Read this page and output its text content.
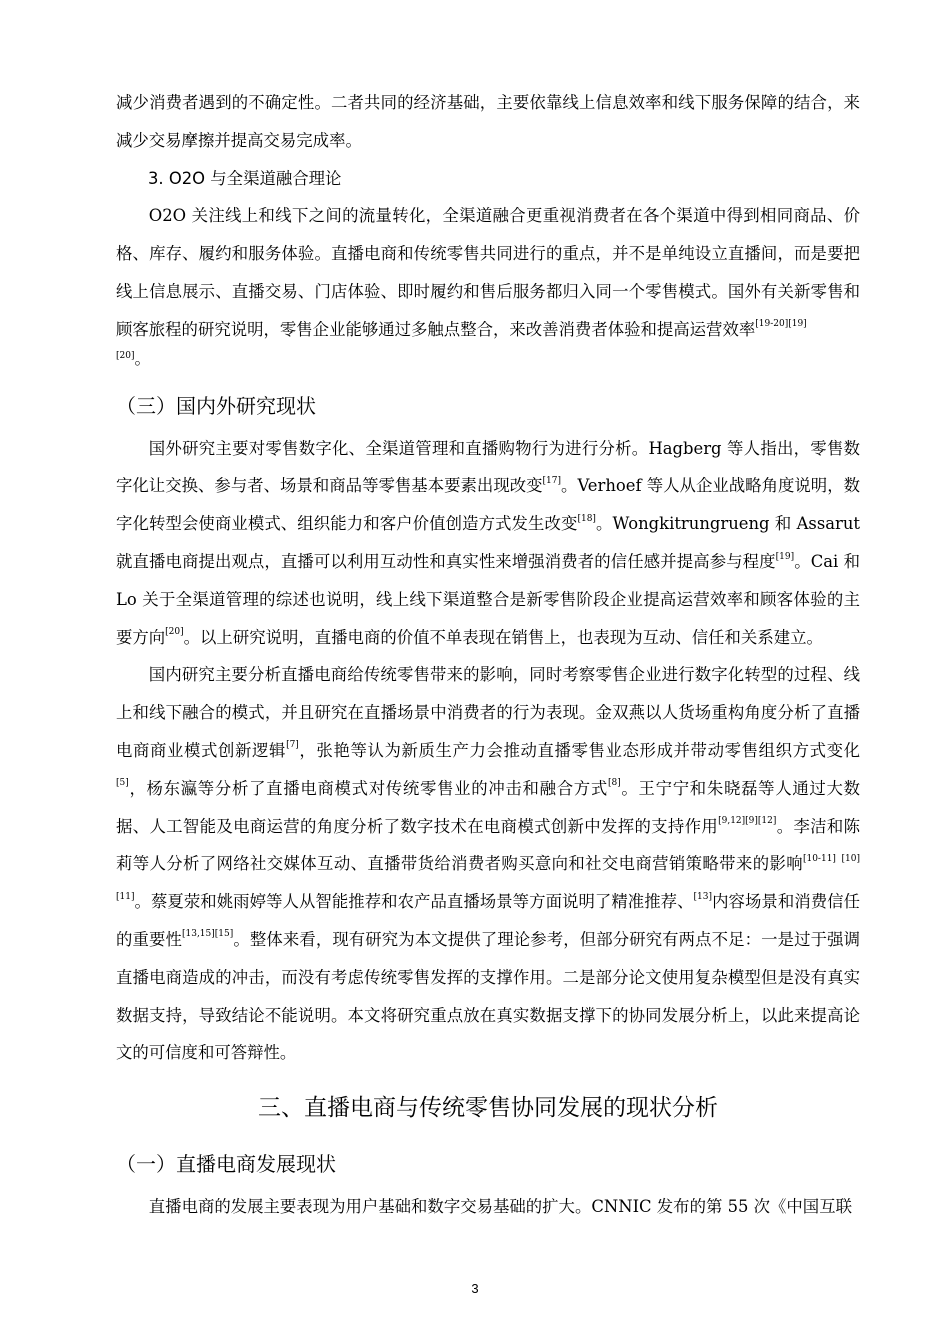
减少消费者遇到的不确定性。二者共同的经济基础，主要依靠线上信息效率和线下服务保障的结合，来减少交易摩擦并提高交易完成率。

3. O2O 与全渠道融合理论

O2O 关注线上和线下之间的流量转化，全渠道融合更重视消费者在各个渠道中得到相同商品、价格、库存、履约和服务体验。直播电商和传统零售共同进行的重点，并不是单纯设立直播间，而是要把线上信息展示、直播交易、门店体验、即时履约和售后服务都归入同一个零售模式。国外有关新零售和顾客旅程的研究说明，零售企业能够通过多触点整合，来改善消费者体验和提高运营效率[19-20][19]

[20]。

（三）国内外研究现状

国外研究主要对零售数字化、全渠道管理和直播购物行为进行分析。Hagberg 等人指出，零售数字化让交换、参与者、场景和商品等零售基本要素出现改变[17]。Verhoef 等人从企业战略角度说明，数字化转型会使商业模式、组织能力和客户价值创造方式发生改变[18]。Wongkitrungrueng 和 Assarut 就直播电商提出观点，直播可以利用互动性和真实性来增强消费者的信任感并提高参与程度[19]。Cai 和 Lo 关于全渠道管理的综述也说明，线上线下渠道整合是新零售阶段企业提高运营效率和顾客体验的主要方向[20]。以上研究说明，直播电商的价值不单表现在销售上，也表现为互动、信任和关系建立。

国内研究主要分析直播电商给传统零售带来的影响，同时考察零售企业进行数字化转型的过程、线上和线下融合的模式，并且研究在直播场景中消费者的行为表现。金双燕以人货场重构角度分析了直播电商商业模式创新逻辑[7]，张艳等认为新质生产力会推动直播零售业态形成并带动零售组织方式变化[5]，杨东瀛等分析了直播电商模式对传统零售业的冲击和融合方式[8]。王宁宁和朱晓磊等人通过大数据、人工智能及电商运营的角度分析了数字技术在电商模式创新中发挥的支持作用[9,12][9][12]。李洁和陈莉等人分析了网络社交媒体互动、直播带货给消费者购买意向和社交电商营销策略带来的影响[10-11] [10][11]。蔡夏荥和姚雨婷等人从智能推荐和农产品直播场景等方面说明了精准推荐、[13]内容场景和消费信任的重要性[13,15][15]。整体来看，现有研究为本文提供了理论参考，但部分研究有两点不足：一是过于强调直播电商造成的冲击，而没有考虑传统零售发挥的支撑作用。二是部分论文使用复杂模型但是没有真实数据支持，导致结论不能说明。本文将研究重点放在真实数据支撑下的协同发展分析上，以此来提高论文的可信度和可答辩性。

三、直播电商与传统零售协同发展的现状分析
（一）直播电商发展现状

直播电商的发展主要表现为用户基础和数字交易基础的扩大。CNNIC 发布的第 55 次《中国互联

3
